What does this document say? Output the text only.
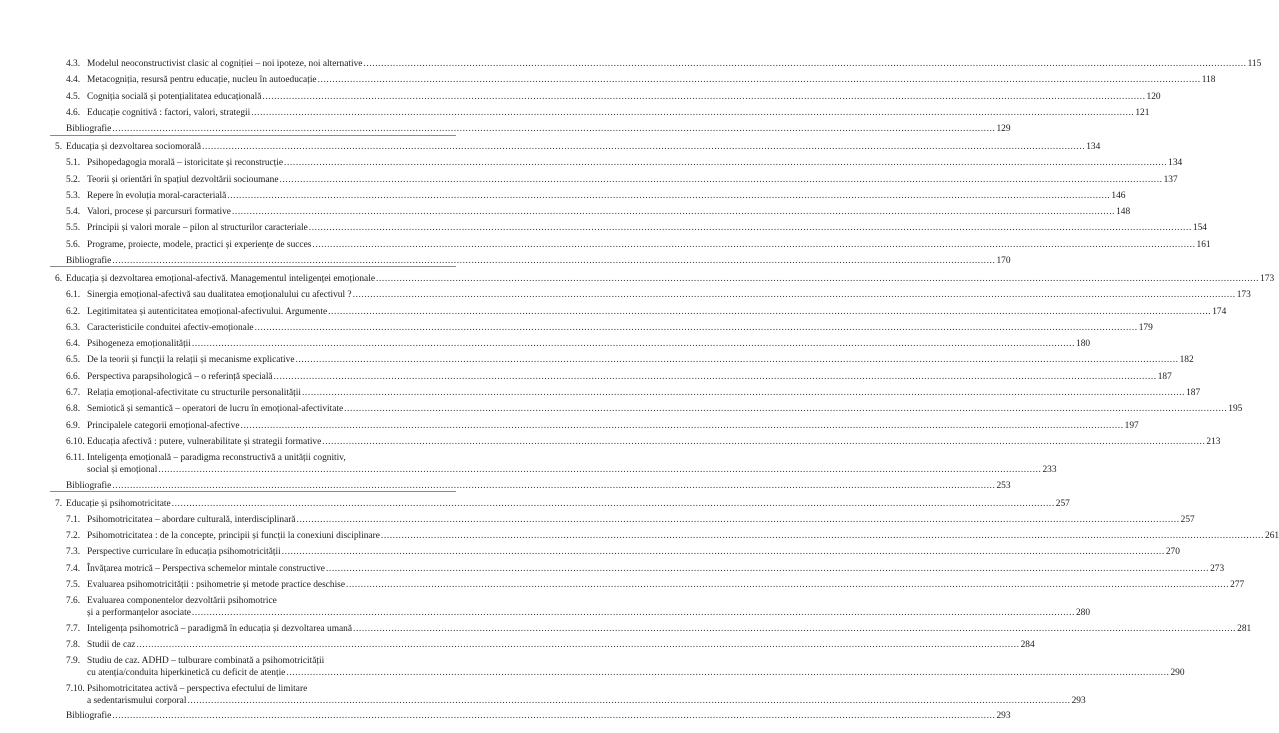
4.3. Modelul neoconstructivist clasic al cogniției – noi ipoteze, noi alternative ............................................................................................................................................................................................................................................................................................................ 115
4.4. Metacogniția, resursă pentru educație, nucleu în autoeducație ............................................................................................................................................................................................................................................................................................................ 118
4.5. Cogniția socială și potențialitatea educațională ............................................................................................................................................................................................................................................................................................................ 120
4.6. Educație cognitivă : factori, valori, strategii ............................................................................................................................................................................................................................................................................................................ 121
Bibliografie ............................................................................................................................................................................................................................................................................................................ 129
5. Educația și dezvoltarea sociomorală ............................................................................................................................................................................................................................................................................................................ 134
5.1. Psihopedagogia morală – istoricitate și reconstrucție ............................................................................................................................................................................................................................................................................................................ 134
5.2. Teorii și orientări în spațiul dezvoltării socioumane ............................................................................................................................................................................................................................................................................................................ 137
5.3. Repere în evoluția moral-caracterială ............................................................................................................................................................................................................................................................................................................ 146
5.4. Valori, procese și parcursuri formative ............................................................................................................................................................................................................................................................................................................ 148
5.5. Principii și valori morale – pilon al structurilor caracteriale ............................................................................................................................................................................................................................................................................................................ 154
5.6. Programe, proiecte, modele, practici și experiențe de succes ............................................................................................................................................................................................................................................................................................................ 161
Bibliografie ............................................................................................................................................................................................................................................................................................................ 170
6. Educația și dezvoltarea emoțional-afectivă. Managementul inteligenței emoționale ............................................................................................................................................................................................................................................................................................................ 173
6.1. Sinergia emoțional-afectivă sau dualitatea emoționalului cu afectivul ? ............................................................................................................................................................................................................................................................................................................ 173
6.2. Legitimitatea și autenticitatea emoțional-afectivului. Argumente ............................................................................................................................................................................................................................................................................................................ 174
6.3. Caracteristicile conduitei afectiv-emoționale ............................................................................................................................................................................................................................................................................................................ 179
6.4. Psihogeneza emoționalității ............................................................................................................................................................................................................................................................................................................ 180
6.5. De la teorii și funcții la relații și mecanisme explicative ............................................................................................................................................................................................................................................................................................................ 182
6.6. Perspectiva parapsihologică – o referință specială ............................................................................................................................................................................................................................................................................................................ 187
6.7. Relația emoțional-afectivitate cu structurile personalității ............................................................................................................................................................................................................................................................................................................ 187
6.8. Semiotică și semantică – operatori de lucru în emoțional-afectivitate ............................................................................................................................................................................................................................................................................................................ 195
6.9. Principalele categorii emoțional-afective ............................................................................................................................................................................................................................................................................................................ 197
6.10. Educația afectivă : putere, vulnerabilitate și strategii formative ............................................................................................................................................................................................................................................................................................................ 213
6.11. Inteligența emoțională – paradigma reconstructivă a unității cognitiv,
social și emoțional ............................................................................................................................................................................................................................................................................................................ 233
Bibliografie ............................................................................................................................................................................................................................................................................................................ 253
7. Educație și psihomotricitate ............................................................................................................................................................................................................................................................................................................ 257
7.1. Psihomotricitatea – abordare culturală, interdisciplinară ............................................................................................................................................................................................................................................................................................................ 257
7.2. Psihomotricitatea : de la concepte, principii și funcții la conexiuni disciplinare ............................................................................................................................................................................................................................................................................................................ 261
7.3. Perspective curriculare în educația psihomotricității ............................................................................................................................................................................................................................................................................................................ 270
7.4. Învățarea motrică – Perspectiva schemelor mintale constructive ............................................................................................................................................................................................................................................................................................................ 273
7.5. Evaluarea psihomotricității : psihometrie și metode practice deschise ............................................................................................................................................................................................................................................................................................................ 277
7.6. Evaluarea componentelor dezvoltării psihomotrice
și a performanțelor asociate ............................................................................................................................................................................................................................................................................................................ 280
7.7. Inteligența psihomotrică – paradigmă în educația și dezvoltarea umană ............................................................................................................................................................................................................................................................................................................ 281
7.8. Studii de caz ............................................................................................................................................................................................................................................................................................................ 284
7.9. Studiu de caz. ADHD – tulburare combinată a psihomotricității
cu atenția/conduita hiperkinetică cu deficit de atenție ............................................................................................................................................................................................................................................................................................................ 290
7.10. Psihomotricitatea activă – perspectiva efectului de limitare
a sedentarismului corporal ............................................................................................................................................................................................................................................................................................................ 293
Bibliografie ............................................................................................................................................................................................................................................................................................................ 293
